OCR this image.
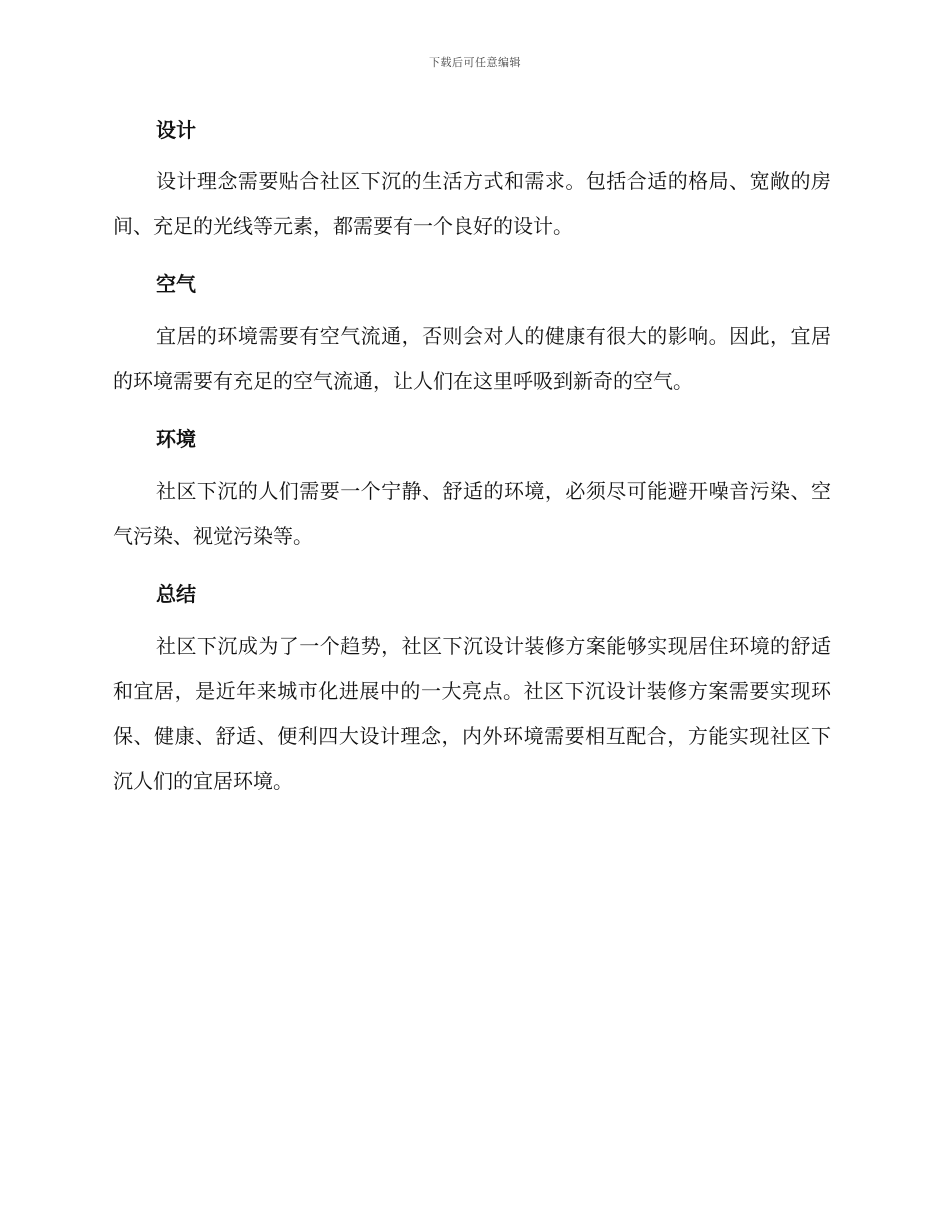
下载后可任意编辑
设计

设计理念需要贴合社区下沉的生活方式和需求。包括合适的格局、宽敞的房间、充足的光线等元素，都需要有一个良好的设计。

空气

宜居的环境需要有空气流通，否则会对人的健康有很大的影响。因此，宜居的环境需要有充足的空气流通，让人们在这里呼吸到新奇的空气。

环境

社区下沉的人们需要一个宁静、舒适的环境，必须尽可能避开噪音污染、空气污染、视觉污染等。

总结

社区下沉成为了一个趋势，社区下沉设计装修方案能够实现居住环境的舒适和宜居，是近年来城市化进展中的一大亮点。社区下沉设计装修方案需要实现环保、健康、舒适、便利四大设计理念，内外环境需要相互配合，方能实现社区下沉人们的宜居环境。
